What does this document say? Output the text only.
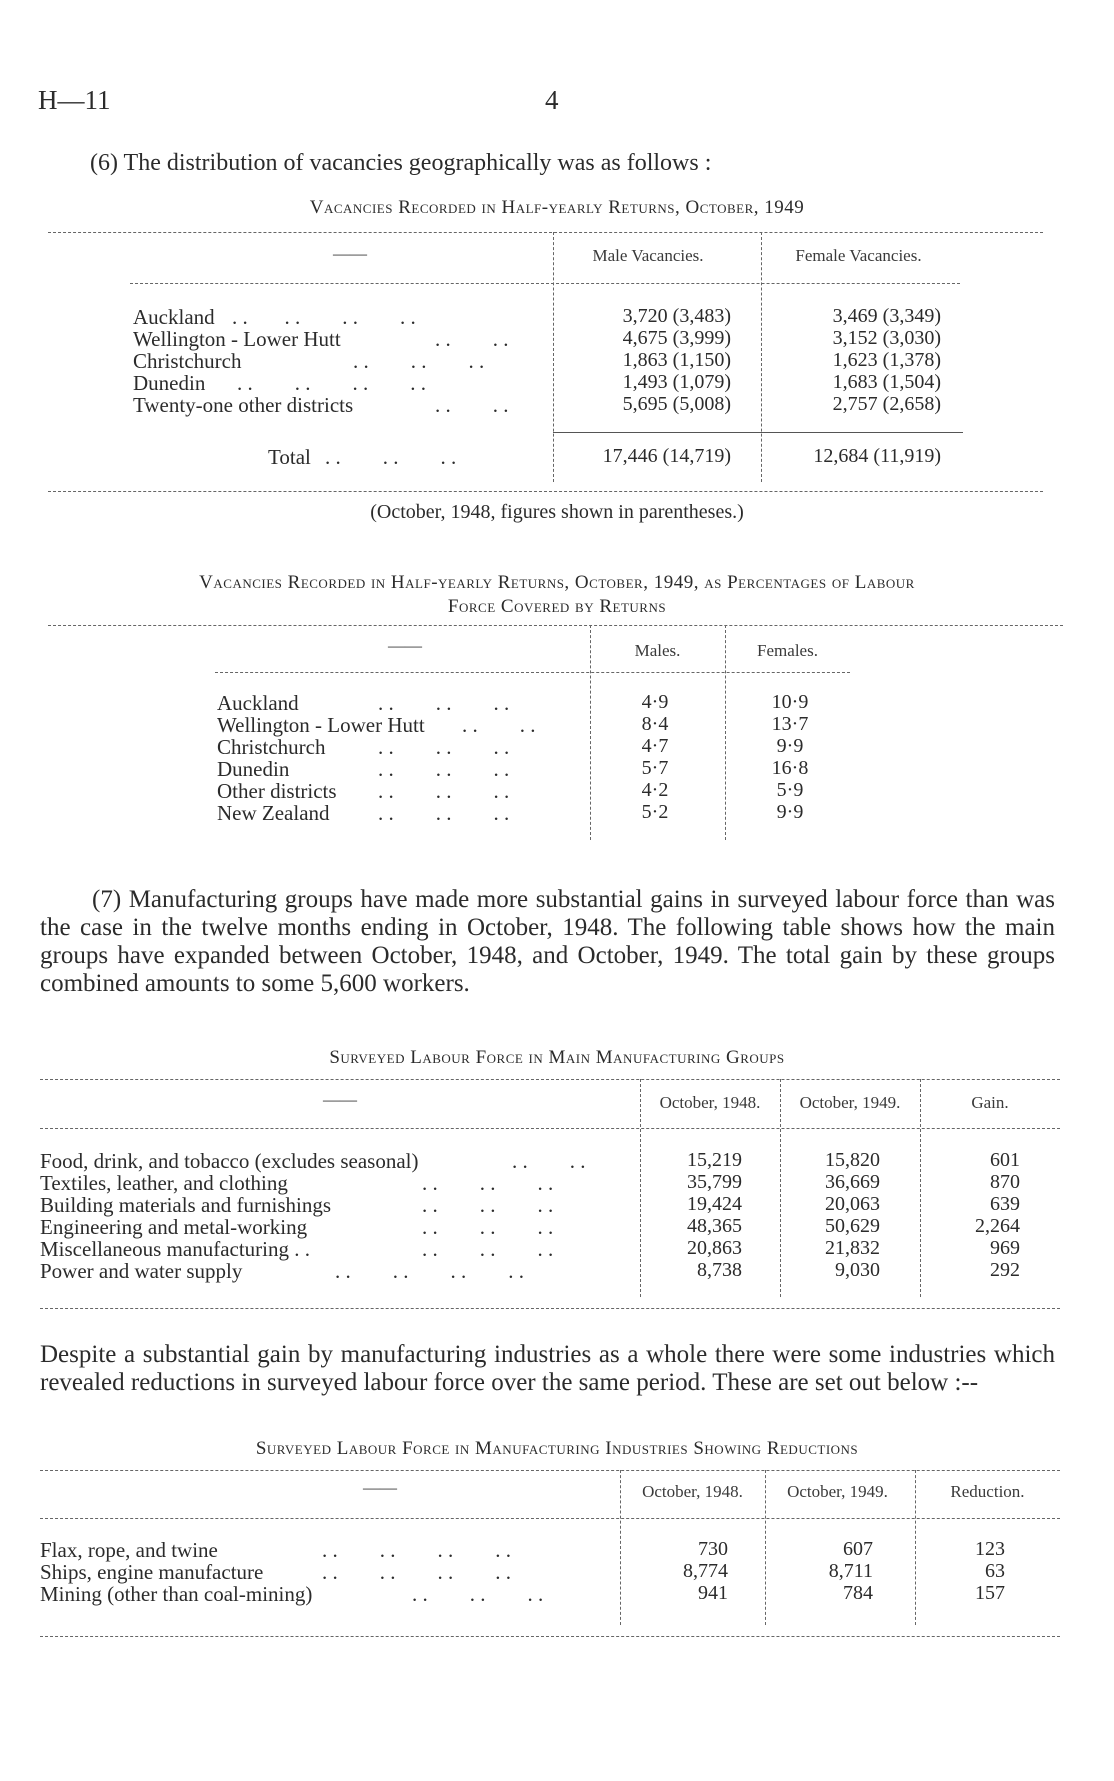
H—11	4
(6) The distribution of vacancies geographically was as follows :
Vacancies Recorded in Half-yearly Returns, October, 1949
——	Male Vacancies.	Female Vacancies.
Auckland . .       . .        . .        . .	3,720 (3,483)	3,469 (3,349)
Wellington - Lower Hutt	. .        . .	4,675 (3,999)	3,152 (3,030)
Christchurch	. .        . .        . .	1,863 (1,150)	1,623 (1,378)
Dunedin . .        . .        . .        . .	1,493 (1,079)	1,683 (1,504)
Twenty-one other districts	. .        . .	5,695 (5,008)	2,757 (2,658)
Total . .        . .        . .	17,446 (14,719)	12,684 (11,919)
(October, 1948, figures shown in parentheses.)
Vacancies Recorded in Half-yearly Returns, October, 1949, as Percentages of Labour
Force Covered by Returns
——	Males.	Females.
Auckland	. .        . .        . .	4·9	10·9
Wellington - Lower Hutt . .        . .	8·4	13·7
Christchurch	. .        . .        . .	4·7	9·9
Dunedin	. .        . .        . .	5·7	16·8
Other districts . .        . .        . .	4·2	5·9
New Zealand . .        . .        . .	5·2	9·9
(7) Manufacturing groups have made more substantial gains in surveyed labour force than was the case in the twelve months ending in October, 1948. The following table shows how the main groups have expanded between October, 1948, and October, 1949. The total gain by these groups combined amounts to some 5,600 workers.
Surveyed Labour Force in Main Manufacturing Groups
——	October, 1948.	October, 1949.	Gain.
Food, drink, and tobacco (excludes seasonal)	. .        . .	15,219	15,820	601
Textiles, leather, and clothing	. .        . .        . .	35,799	36,669	870
Building materials and furnishings	. .        . .        . .	19,424	20,063	639
Engineering and metal-working	. .        . .        . .	48,365	50,629	2,264
Miscellaneous manufacturing . .	. .        . .        . .	20,863	21,832	969
Power and water supply	. .        . .        . .        . .	8,738	9,030	292
Despite a substantial gain by manufacturing industries as a whole there were some industries which revealed reductions in surveyed labour force over the same period. These are set out below :--
Surveyed Labour Force in Manufacturing Industries Showing Reductions
——	October, 1948.	October, 1949.	Reduction.
Flax, rope, and twine	. .        . .        . .        . .	730	607	123
Ships, engine manufacture	. .        . .        . .        . .	8,774	8,711	63
Mining (other than coal-mining)	. .        . .        . .	941	784	157
